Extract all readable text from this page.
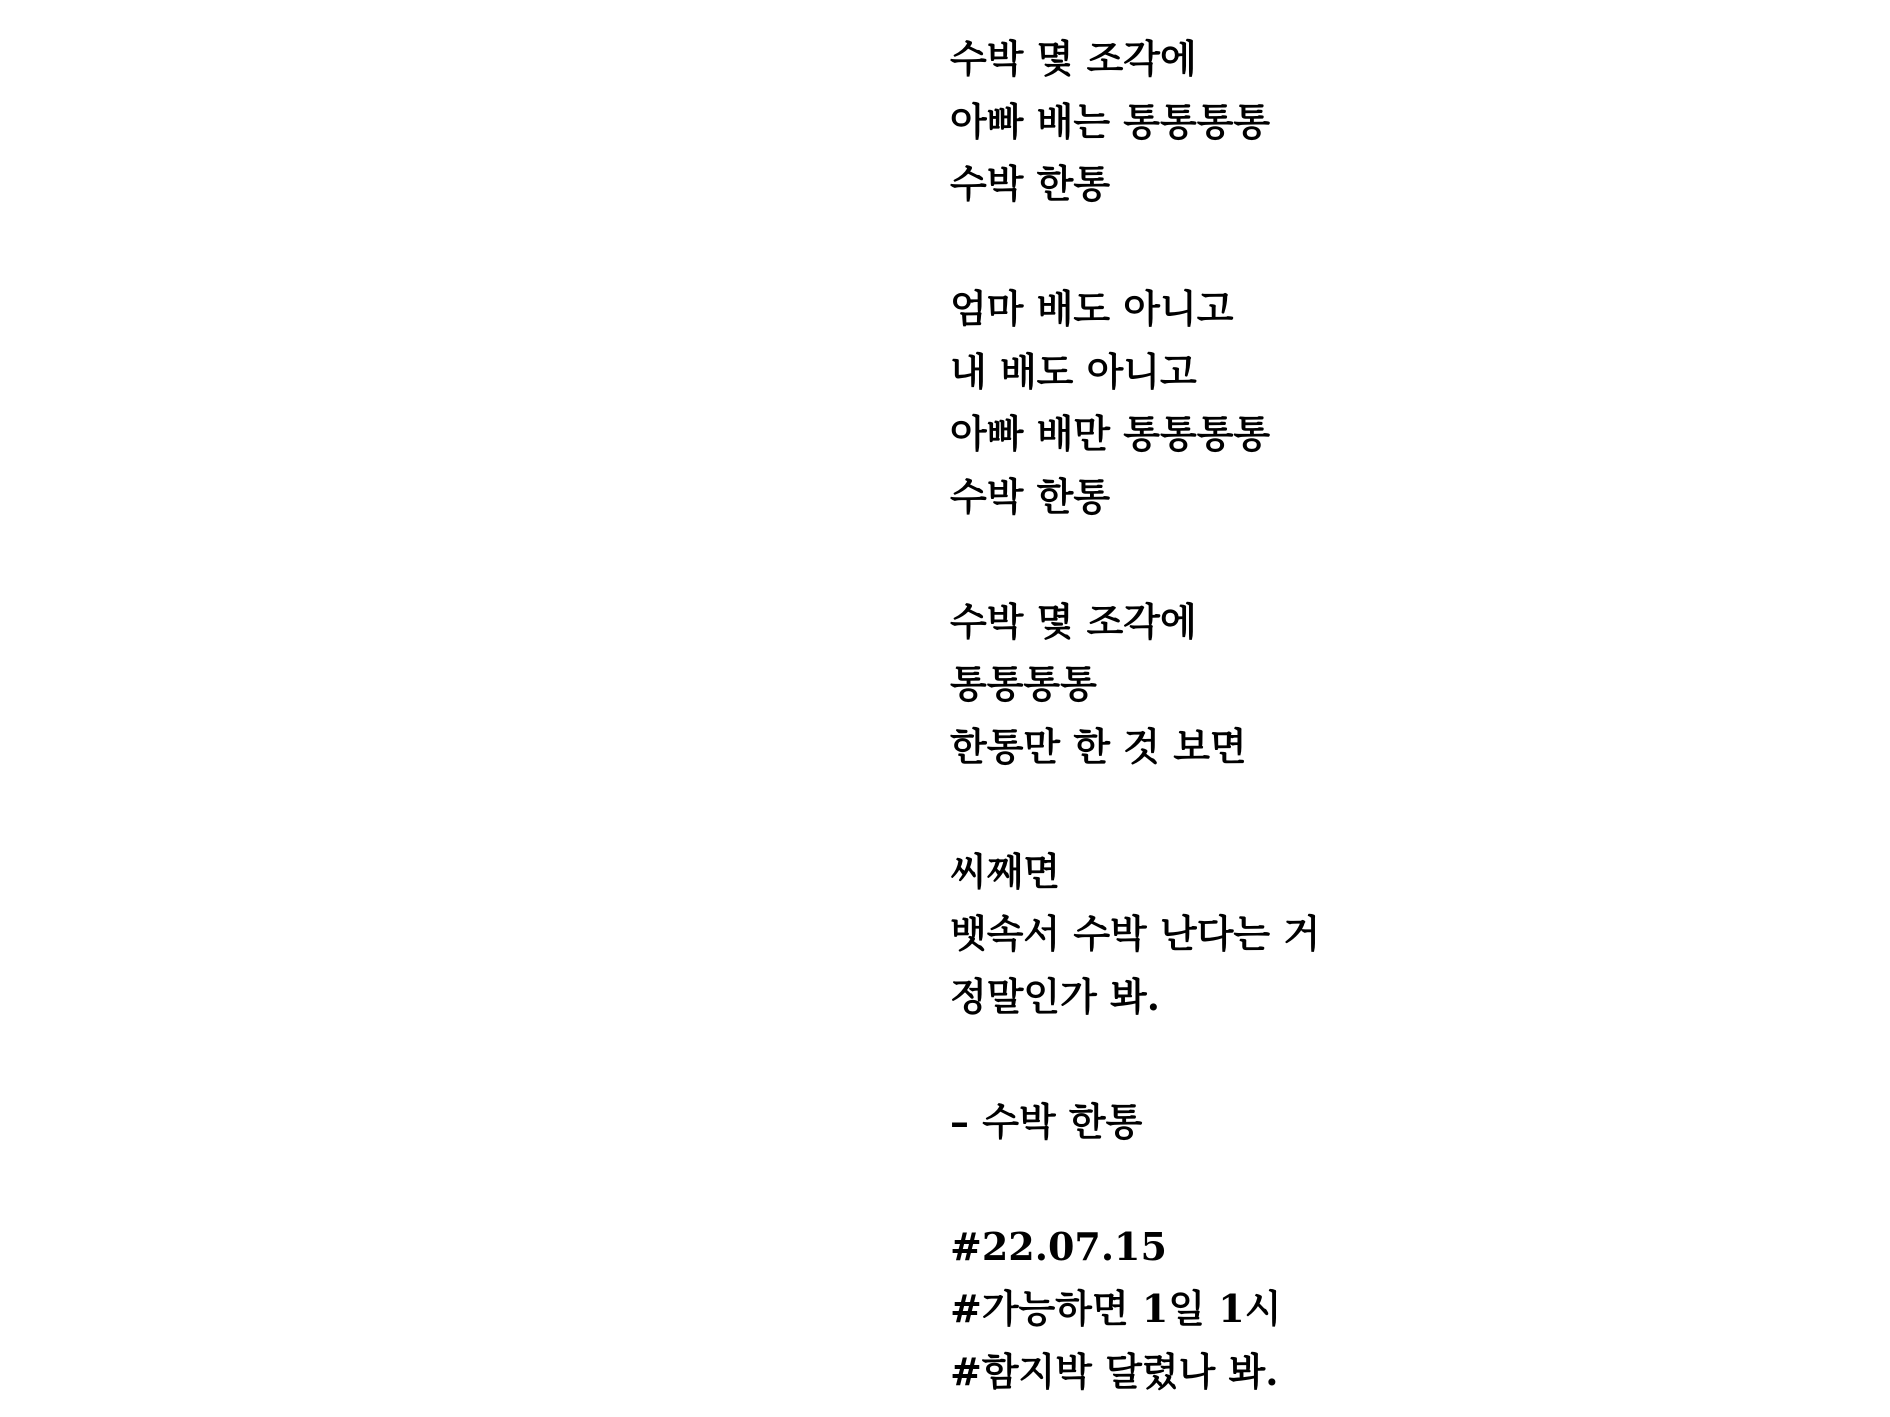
수박 몇 조각에
아빠 배는 통통통통
수박 한통
엄마 배도 아니고
내 배도 아니고
아빠 배만 통통통통
수박 한통
수박 몇 조각에
통통통통
한통만 한 것 보면
씨째면
뱃속서 수박 난다는 거
정말인가 봐.
– 수박 한통
#22.07.15
#가능하면 1일 1시
#함지박 달렸나 봐.
